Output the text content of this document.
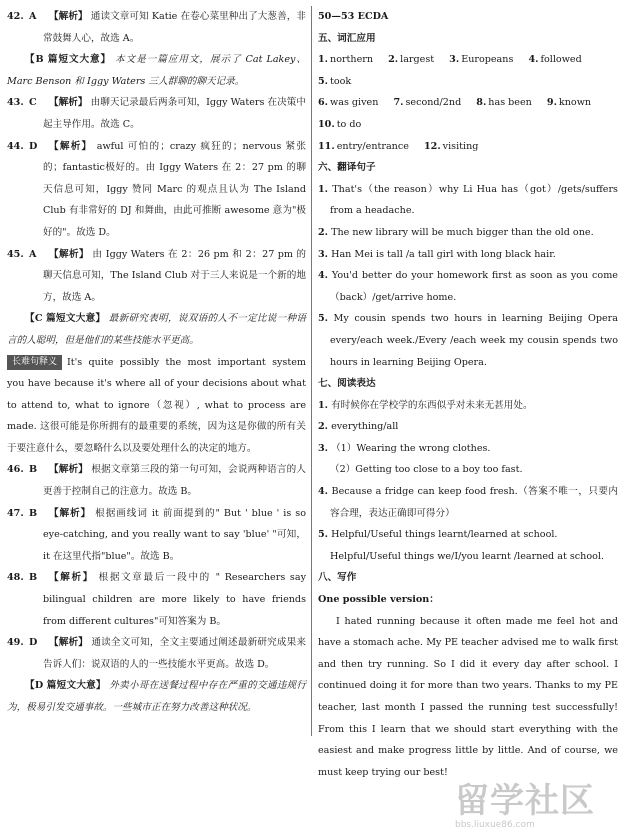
42. A	【解析】 通读文章可知 Katie 在卷心菜里种出了大葱善，非常鼓舞人心，故选 A。
【B 篇短文大意】 本文是一篇应用文，展示了 Cat Lakey、Marc Benson 和 Iggy Waters 三人群聊的聊天记录。
43. C	【解析】 由聊天记录最后两条可知，Iggy Waters 在决策中起主导作用。故选 C。
44. D	【解析】 awful 可怕的；crazy 疯狂的；nervous 紧张的；fantastic极好的。由 Iggy Waters 在 2：27 pm 的聊天信息可知，Iggy 赞同 Marc 的观点且认为 The Island Club 有非常好的 DJ 和舞曲，由此可推断 awesome 意为"极好的"。故选 D。
45. A	【解析】 由 Iggy Waters 在 2：26 pm 和 2：27 pm 的聊天信息可知，The Island Club 对于三人来说是一个新的地方，故选 A。
【C 篇短文大意】 最新研究表明，说双语的人不一定比说一种语言的人聪明，但是他们的某些技能水平更高。
长难句释义 It's quite possibly the most important system you have because it's where all of your decisions about what to attend to, what to ignore（忽视）, what to process are made. 这很可能是你所拥有的最重要的系统，因为这是你做的所有关于要注意什么，要忽略什么以及要处理什么的决定的地方。
46. B	【解析】 根据文章第三段的第一句可知，会说两种语言的人更善于控制自己的注意力。故选 B。
47. B	【解析】 根据画线词 it 前面提到的" But ' blue ' is so eye-catching, and you really want to say 'blue' "可知，it 在这里代指"blue"。故选 B。
48. B	【解析】 根据文章最后一段中的 " Researchers say bilingual children are more likely to have friends from different cultures"可知答案为 B。
49. D	【解析】 通读全文可知，全文主要通过阐述最新研究成果来告诉人们：说双语的人的一些技能水平更高。故选 D。
【D 篇短文大意】 外卖小哥在送餐过程中存在严重的交通违规行为，极易引发交通事故。一些城市正在努力改善这种状况。
50—53 ECDA
五、词汇应用
1. northern 2. largest 3. Europeans 4. followed 5. took
6. was given 7. second/2nd 8. has been 9. known 10. to do
11. entry/entrance 12. visiting
六、翻译句子
1. That's（the reason）why Li Hua has（got）/gets/suffers from a headache.
2. The new library will be much bigger than the old one.
3. Han Mei is tall /a tall girl with long black hair.
4. You'd better do your homework first as soon as you come（back）/get/arrive home.
5. My cousin spends two hours in learning Beijing Opera every/each week./Every /each week my cousin spends two hours in learning Beijing Opera.
七、阅读表达
1. 有时候你在学校学的东西似乎对未来无甚用处。
2. everything/all
3. （1）Wearing the wrong clothes.
（2）Getting too close to a boy too fast.
4. Because a fridge can keep food fresh.（答案不唯一，只要内容合理，表达正确即可得分）
5. Helpful/Useful things learnt/learned at school.
Helpful/Useful things we/I/you learnt /learned at school.
八、写作
One possible version：
I hated running because it often made me feel hot and have a stomach ache. My PE teacher advised me to walk first and then try running. So I did it every day after school. I continued doing it for more than two years. Thanks to my PE teacher, last month I passed the running test successfully! From this I learn that we should start everything with the easiest and make progress little by little. And of course, we must keep trying our best!
留学社区
bbs.liuxue86.com
